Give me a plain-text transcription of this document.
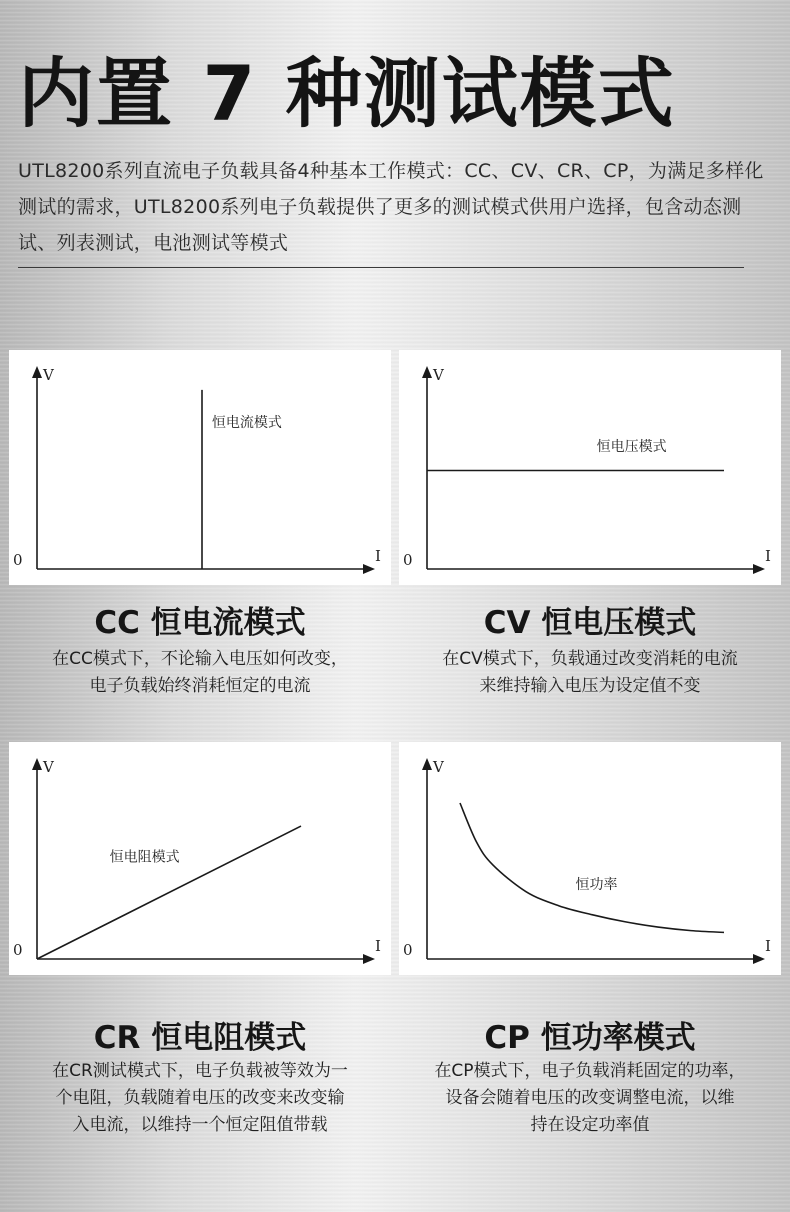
内置 7 种测试模式
UTL8200系列直流电子负载具备4种基本工作模式：CC、CV、CR、CP，为满足多样化测试的需求，UTL8200系列电子负载提供了更多的测试模式供用户选择，包含动态测试、列表测试，电池测试等模式
V
I
0
恒电流模式
CC 恒电流模式
在CC模式下，不论输入电压如何改变，
电子负载始终消耗恒定的电流
V
I
0
恒电压模式
CV 恒电压模式
在CV模式下，负载通过改变消耗的电流
来维持输入电压为设定值不变
V
I
0
恒电阻模式
CR 恒电阻模式
在CR测试模式下，电子负载被等效为一
个电阻，负载随着电压的改变来改变输
入电流，以维持一个恒定阻值带载
V
I
0
恒功率
CP 恒功率模式
在CP模式下，电子负载消耗固定的功率，
设备会随着电压的改变调整电流，以维
持在设定功率值
